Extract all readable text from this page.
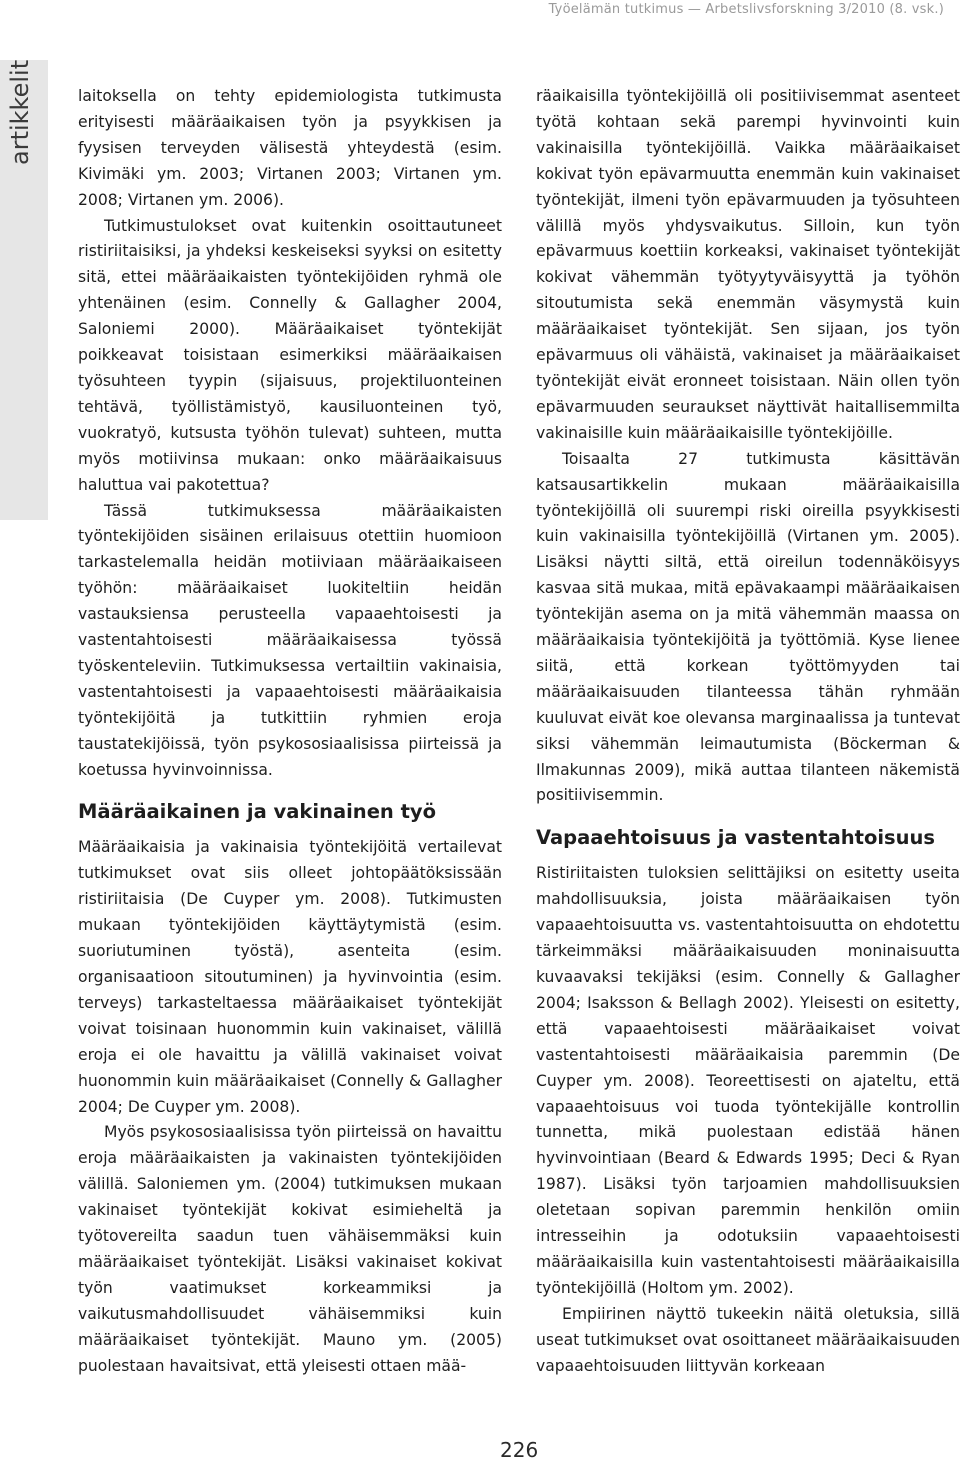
Työelämän tutkimus — Arbetslivsforskning 3/2010 (8. vsk.)
artikkelit	laitoksella on tehty epidemiologista tutkimusta erityisesti määräaikaisen työn ja psyykkisen ja fyysisen terveyden välisestä yhteydestä (esim. Kivimäki ym. 2003; Virtanen 2003; Virtanen ym. 2008; Virtanen ym. 2006).

Tutkimustulokset ovat kuitenkin osoittautuneet ristiriitaisiksi, ja yhdeksi keskeiseksi syyksi on esitetty sitä, ettei määräaikaisten työntekijöiden ryhmä ole yhtenäinen (esim. Connelly & Gallagher 2004, Saloniemi 2000). Määräaikaiset työntekijät poikkeavat toisistaan esimerkiksi määräaikaisen työsuhteen tyypin (sijaisuus, projektiluonteinen tehtävä, työllistämistyö, kausiluonteinen työ, vuokratyö, kutsusta työhön tulevat) suhteen, mutta myös motiivinsa mukaan: onko määräaikaisuus haluttua vai pakotettua?

Tässä tutkimuksessa määräaikaisten työntekijöiden sisäinen erilaisuus otettiin huomioon tarkastelemalla heidän motiiviaan määräaikaiseen työhön: määräaikaiset luokiteltiin heidän vastauksiensa perusteella vapaaehtoisesti ja vastentahtoisesti määräaikaisessa työssä työskenteleviin. Tutkimuksessa vertailtiin vakinaisia, vastentahtoisesti ja vapaaehtoisesti määräaikaisia työntekijöitä ja tutkittiin ryhmien eroja taustatekijöissä, työn psykososiaalisissa piirteissä ja koetussa hyvinvoinnissa.

Määräaikainen ja vakinainen työ

Määräaikaisia ja vakinaisia työntekijöitä vertailevat tutkimukset ovat siis olleet johtopäätöksissään ristiriitaisia (De Cuyper ym. 2008). Tutkimusten mukaan työntekijöiden käyttäytymistä (esim. suoriutuminen työstä), asenteita (esim. organisaatioon sitoutuminen) ja hyvinvointia (esim. terveys) tarkasteltaessa määräaikaiset työntekijät voivat toisinaan huonommin kuin vakinaiset, välillä eroja ei ole havaittu ja välillä vakinaiset voivat huonommin kuin määräaikaiset (Connelly & Gallagher 2004; De Cuyper ym. 2008).

Myös psykososiaalisissa työn piirteissä on havaittu eroja määräaikaisten ja vakinaisten työntekijöiden välillä. Saloniemen ym. (2004) tutkimuksen mukaan vakinaiset työntekijät kokivat esimieheltä ja työtovereilta saadun tuen vähäisemmäksi kuin määräaikaiset työntekijät. Lisäksi vakinaiset kokivat työn vaatimukset korkeammiksi ja vaikutusmahdollisuudet vähäisemmiksi kuin määräaikaiset työntekijät. Mauno ym. (2005) puolestaan havaitsivat, että yleisesti ottaen mää-

räaikaisilla työntekijöillä oli positiivisemmat asenteet työtä kohtaan sekä parempi hyvinvointi kuin vakinaisilla työntekijöillä. Vaikka määräaikaiset kokivat työn epävarmuutta enemmän kuin vakinaiset työntekijät, ilmeni työn epävarmuuden ja työsuhteen välillä myös yhdysvaikutus. Silloin, kun työn epävarmuus koettiin korkeaksi, vakinaiset työntekijät kokivat vähemmän työtyytyväisyyttä ja työhön sitoutumista sekä enemmän väsymystä kuin määräaikaiset työntekijät. Sen sijaan, jos työn epävarmuus oli vähäistä, vakinaiset ja määräaikaiset työntekijät eivät eronneet toisistaan. Näin ollen työn epävarmuuden seuraukset näyttivät haitallisemmilta vakinaisille kuin määräaikaisille työntekijöille.

Toisaalta 27 tutkimusta käsittävän katsausartikkelin mukaan määräaikaisilla työntekijöillä oli suurempi riski oireilla psyykkisesti kuin vakinaisilla työntekijöillä (Virtanen ym. 2005). Lisäksi näytti siltä, että oireilun todennäköisyys kasvaa sitä mukaa, mitä epävakaampi määräaikaisen työntekijän asema on ja mitä vähemmän maassa on määräaikaisia työntekijöitä ja työttömiä. Kyse lienee siitä, että korkean työttömyyden tai määräaikaisuuden tilanteessa tähän ryhmään kuuluvat eivät koe olevansa marginaalissa ja tuntevat siksi vähemmän leimautumista (Böckerman & Ilmakunnas 2009), mikä auttaa tilanteen näkemistä positiivisemmin.

Vapaaehtoisuus ja vastentahtoisuus

Ristiriitaisten tuloksien selittäjiksi on esitetty useita mahdollisuuksia, joista määräaikaisen työn vapaaehtoisuutta vs. vastentahtoisuutta on ehdotettu tärkeimmäksi määräaikaisuuden moninaisuutta kuvaavaksi tekijäksi (esim. Connelly & Gallagher 2004; Isaksson & Bellagh 2002). Yleisesti on esitetty, että vapaaehtoisesti määräaikaiset voivat vastentahtoisesti määräaikaisia paremmin (De Cuyper ym. 2008). Teoreettisesti on ajateltu, että vapaaehtoisuus voi tuoda työntekijälle kontrollin tunnetta, mikä puolestaan edistää hänen hyvinvointiaan (Beard & Edwards 1995; Deci & Ryan 1987). Lisäksi työn tarjoamien mahdollisuuksien oletetaan sopivan paremmin henkilön omiin intresseihin ja odotuksiin vapaaehtoisesti määräaikaisilla kuin vastentahtoisesti määräaikaisilla työntekijöillä (Holtom ym. 2002).

Empiirinen näyttö tukeekin näitä oletuksia, sillä useat tutkimukset ovat osoittaneet määräaikaisuuden vapaaehtoisuuden liittyvän korkeaan

226
